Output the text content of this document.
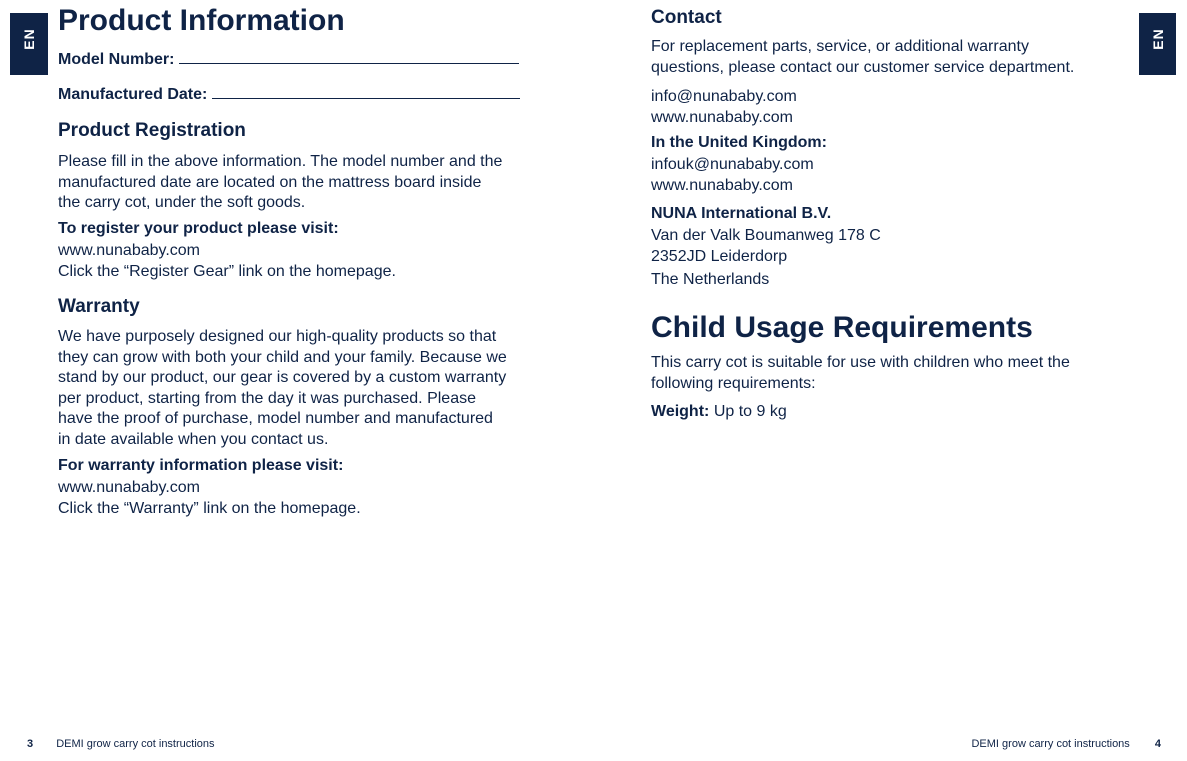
EN	EN
Product Information
Model Number:
Manufactured Date:
Product Registration
Please fill in the above information. The model number and the
manufactured date are located on the mattress board inside
the carry cot, under the soft goods.
To register your product please visit:
www.nunababy.com
Click the “Register Gear” link on the homepage.
Warranty
We have purposely designed our high-quality products so that
they can grow with both your child and your family. Because we
stand by our product, our gear is covered by a custom warranty
per product, starting from the day it was purchased. Please
have the proof of purchase, model number and manufactured
in date available when you contact us.
For warranty information please visit:
www.nunababy.com
Click the “Warranty” link on the homepage.
Contact
For replacement parts, service, or additional warranty
questions, please contact our customer service department.
info@nunababy.com
www.nunababy.com
In the United Kingdom:
infouk@nunababy.com
www.nunababy.com
NUNA International B.V.
Van der Valk Boumanweg 178 C
2352JD Leiderdorp
The Netherlands
Child Usage Requirements
This carry cot is suitable for use with children who meet the
following requirements:
Weight: Up to 9 kg
3 DEMI grow carry cot instructions	DEMI grow carry cot instructions 4
